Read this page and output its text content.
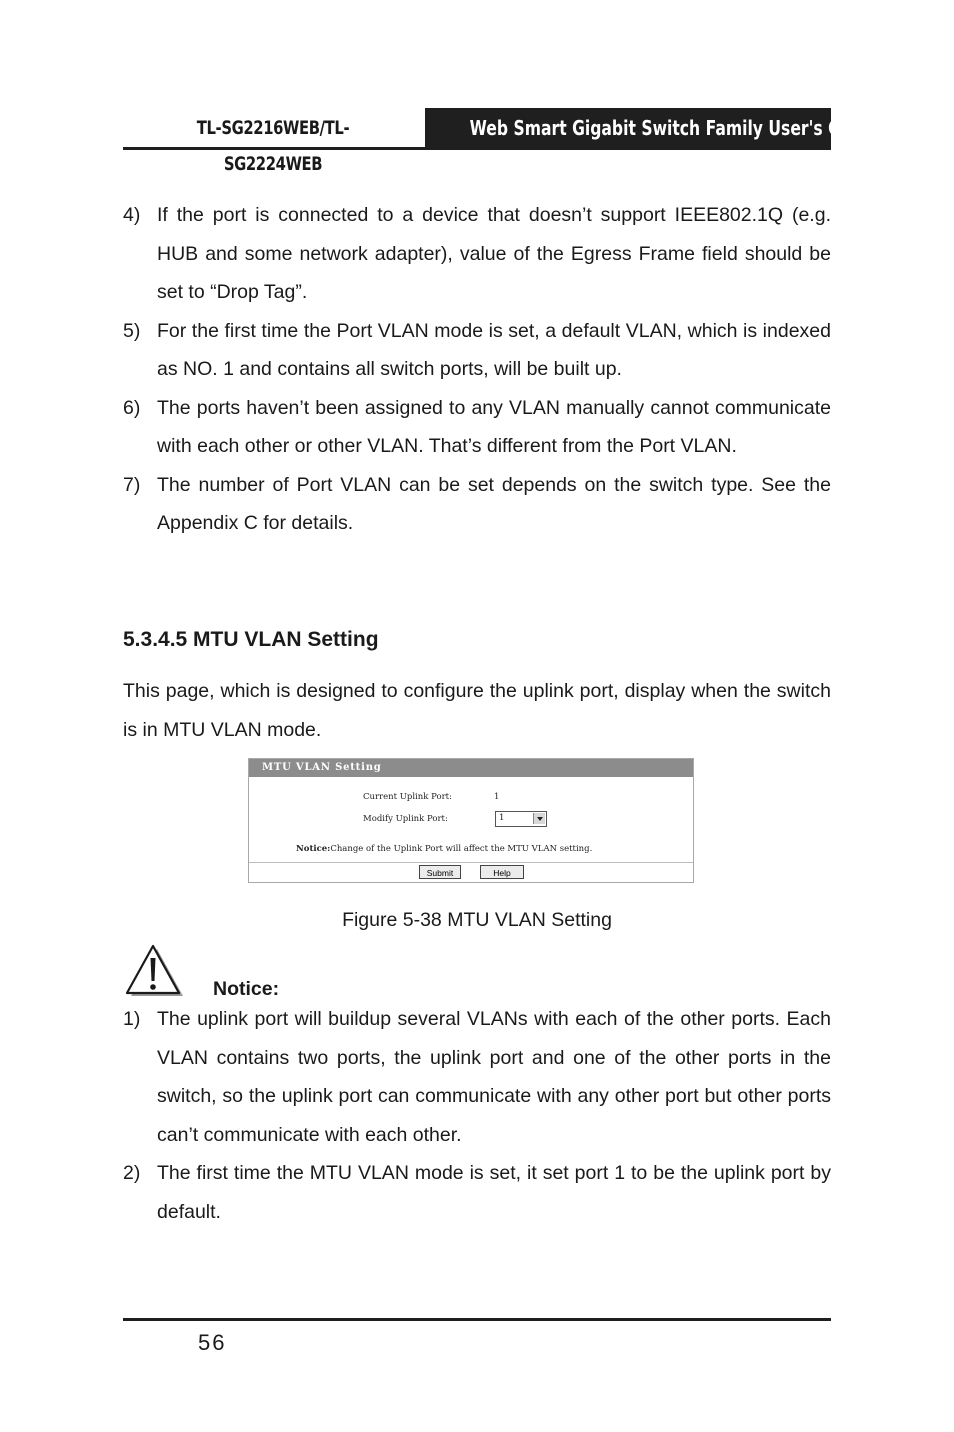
TL-SG2216WEB/TL-SG2224WEB
Web Smart Gigabit Switch Family User's Guide
4) If the port is connected to a device that doesn’t support IEEE802.1Q (e.g. HUB and some network adapter), value of the Egress Frame field should be set to “Drop Tag”.
5) For the first time the Port VLAN mode is set, a default VLAN, which is indexed as NO. 1 and contains all switch ports, will be built up.
6) The ports haven’t been assigned to any VLAN manually cannot communicate with each other or other VLAN. That’s different from the Port VLAN.
7) The number of Port VLAN can be set depends on the switch type. See the Appendix C for details.
5.3.4.5 MTU VLAN Setting

This page, which is designed to configure the uplink port, display when the switch is in MTU VLAN mode.

MTU VLAN Setting
Current Uplink Port:	1
Modify Uplink Port:	1
Notice:Change of the Uplink Port will affect the MTU VLAN setting.
Submit	Help
Figure 5-38 MTU VLAN Setting
Notice:
1) The uplink port will buildup several VLANs with each of the other ports. Each VLAN contains two ports, the uplink port and one of the other ports in the switch, so the uplink port can communicate with any other port but other ports can’t communicate with each other.
2) The first time the MTU VLAN mode is set, it set port 1 to be the uplink port by default.
56
